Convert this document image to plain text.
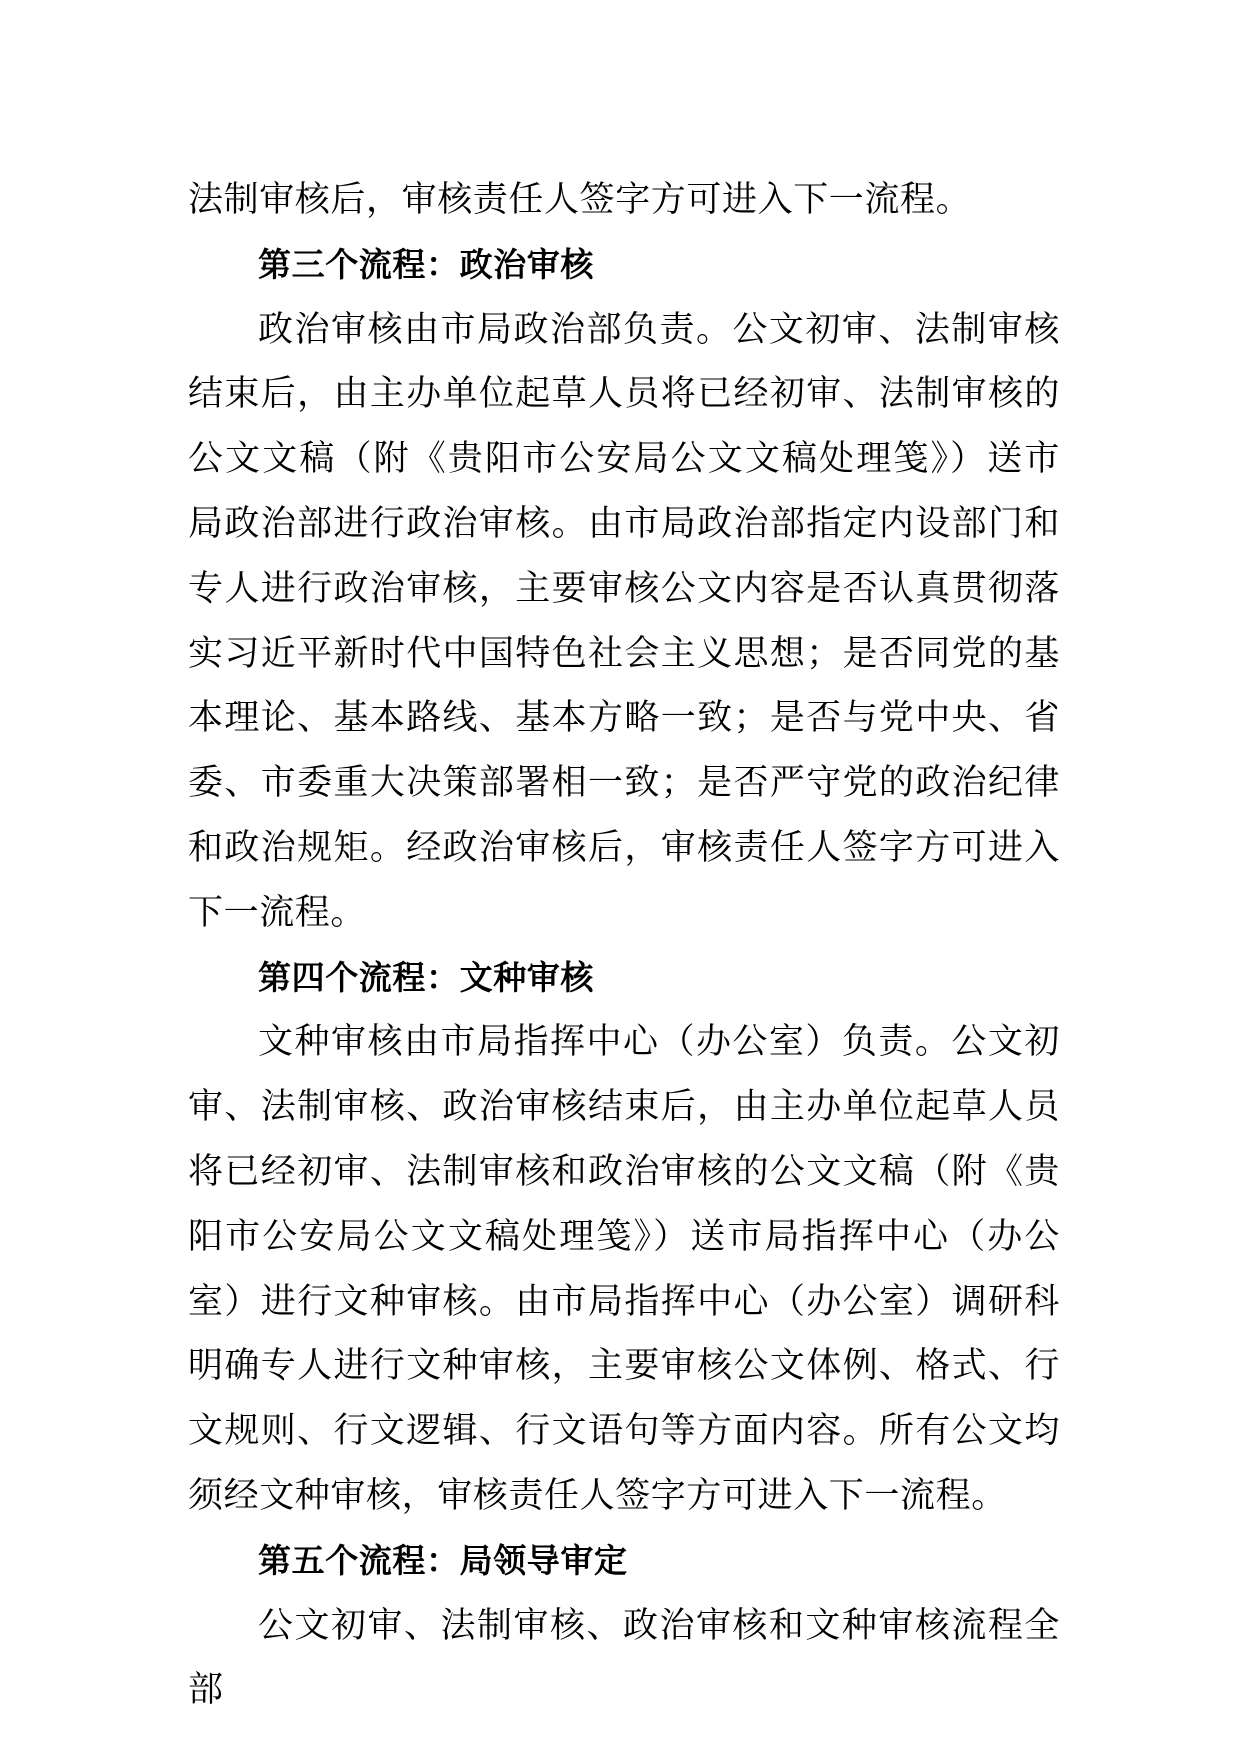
法制审核后，审核责任人签字方可进入下一流程。

第三个流程：政治审核

政治审核由市局政治部负责。公文初审、法制审核结束后，由主办单位起草人员将已经初审、法制审核的公文文稿（附《贵阳市公安局公文文稿处理笺》）送市局政治部进行政治审核。由市局政治部指定内设部门和专人进行政治审核，主要审核公文内容是否认真贯彻落实习近平新时代中国特色社会主义思想；是否同党的基本理论、基本路线、基本方略一致；是否与党中央、省委、市委重大决策部署相一致；是否严守党的政治纪律和政治规矩。经政治审核后，审核责任人签字方可进入下一流程。

第四个流程：文种审核

文种审核由市局指挥中心（办公室）负责。公文初审、法制审核、政治审核结束后，由主办单位起草人员将已经初审、法制审核和政治审核的公文文稿（附《贵阳市公安局公文文稿处理笺》）送市局指挥中心（办公室）进行文种审核。由市局指挥中心（办公室）调研科明确专人进行文种审核，主要审核公文体例、格式、行文规则、行文逻辑、行文语句等方面内容。所有公文均须经文种审核，审核责任人签字方可进入下一流程。

第五个流程：局领导审定

公文初审、法制审核、政治审核和文种审核流程全部
